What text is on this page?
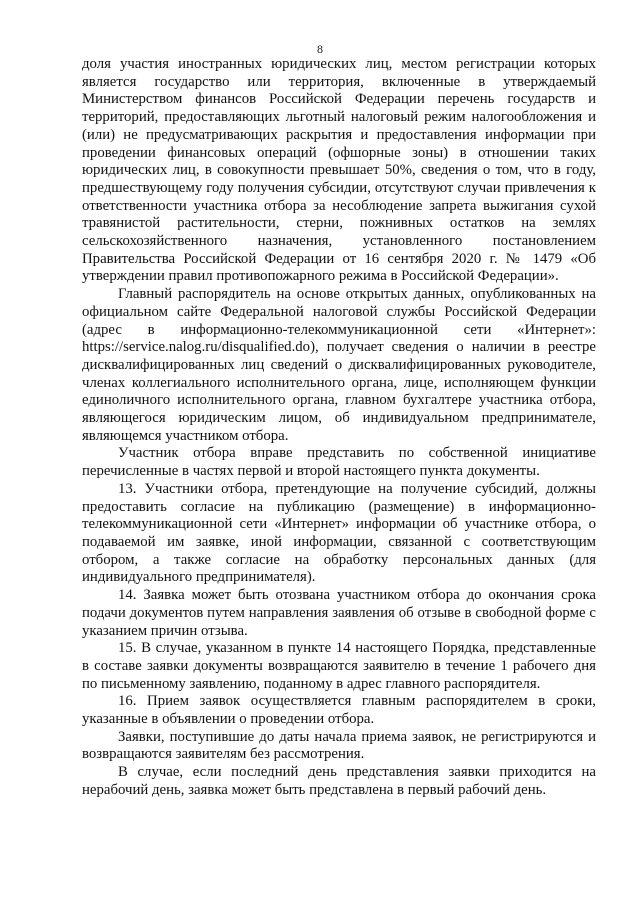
8

доля участия иностранных юридических лиц, местом регистрации которых является государство или территория, включенные в утверждаемый Министерством финансов Российской Федерации перечень государств и территорий, предоставляющих льготный налоговый режим налогообложения и (или) не предусматривающих раскрытия и предоставления информации при проведении финансовых операций (офшорные зоны) в отношении таких юридических лиц, в совокупности превышает 50%, сведения о том, что в году, предшествующему году получения субсидии, отсутствуют случаи привлечения к ответственности участника отбора за несоблюдение запрета выжигания сухой травянистой растительности, стерни, пожнивных остатков на землях сельскохозяйственного назначения, установленного постановлением Правительства Российской Федерации от 16 сентября 2020 г. № 1479 «Об утверждении правил противопожарного режима в Российской Федерации».

Главный распорядитель на основе открытых данных, опубликованных на официальном сайте Федеральной налоговой службы Российской Федерации (адрес в информационно-телекоммуникационной сети «Интернет»: https://service.nalog.ru/disqualified.do), получает сведения о наличии в реестре дисквалифицированных лиц сведений о дисквалифицированных руководителе, членах коллегиального исполнительного органа, лице, исполняющем функции единоличного исполнительного органа, главном бухгалтере участника отбора, являющегося юридическим лицом, об индивидуальном предпринимателе, являющемся участником отбора.

Участник отбора вправе представить по собственной инициативе перечисленные в частях первой и второй настоящего пункта документы.

13. Участники отбора, претендующие на получение субсидий, должны предоставить согласие на публикацию (размещение) в информационно-телекоммуникационной сети «Интернет» информации об участнике отбора, о подаваемой им заявке, иной информации, связанной с соответствующим отбором, а также согласие на обработку персональных данных (для индивидуального предпринимателя).

14. Заявка может быть отозвана участником отбора до окончания срока подачи документов путем направления заявления об отзыве в свободной форме с указанием причин отзыва.

15. В случае, указанном в пункте 14 настоящего Порядка, представленные в составе заявки документы возвращаются заявителю в течение 1 рабочего дня по письменному заявлению, поданному в адрес главного распорядителя.

16. Прием заявок осуществляется главным распорядителем в сроки, указанные в объявлении о проведении отбора.

Заявки, поступившие до даты начала приема заявок, не регистрируются и возвращаются заявителям без рассмотрения.

В случае, если последний день представления заявки приходится на нерабочий день, заявка может быть представлена в первый рабочий день.
